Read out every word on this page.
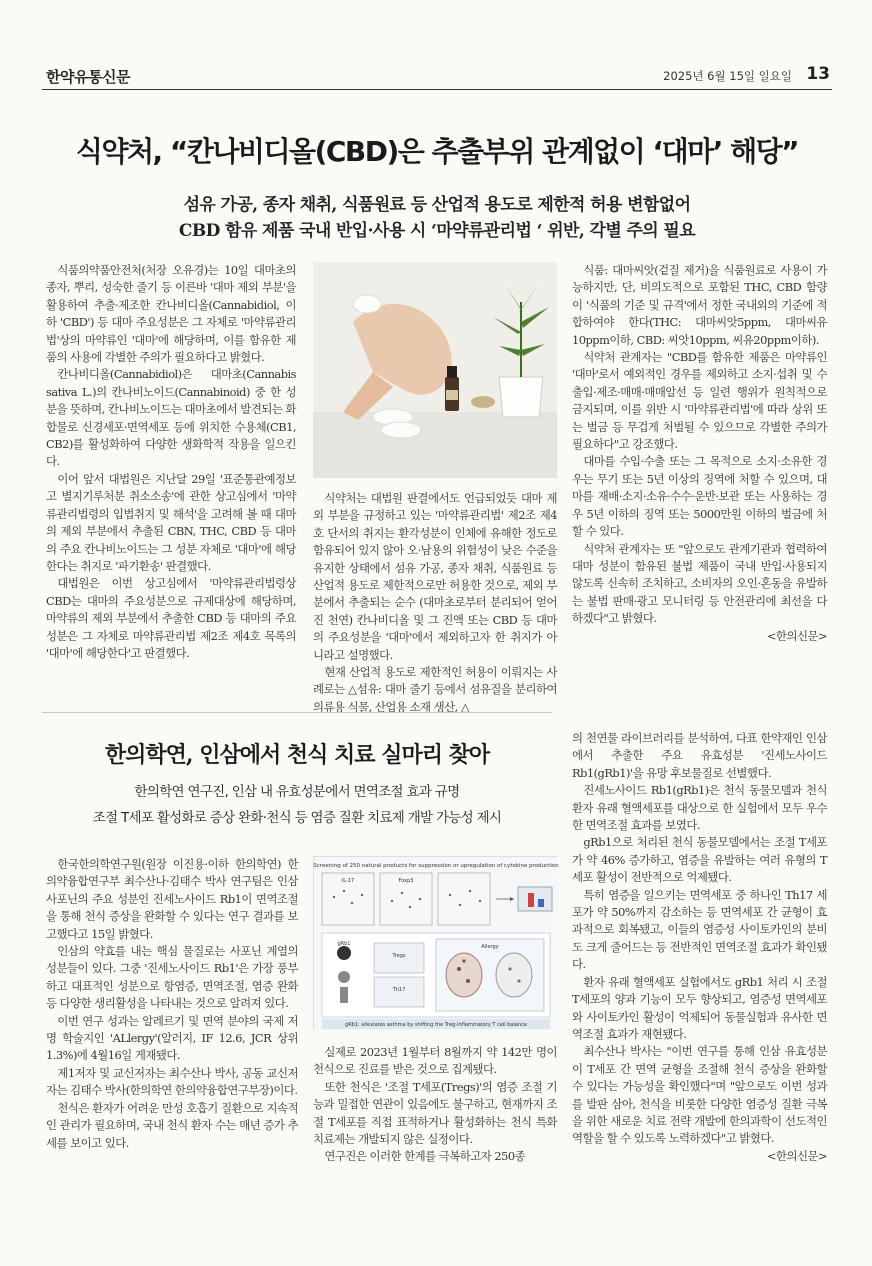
한약유통신문	2025년 6월 15일 일요일 13
식약처, “칸나비디올(CBD)은 추출부위 관계없이 ‘대마’ 해당”
섬유 가공, 종자 채취, 식품원료 등 산업적 용도로 제한적 허용 변함없어
CBD 함유 제품 국내 반입·사용 시 ‘마약류관리법 ‘ 위반, 각별 주의 필요

식품의약품안전처(처장 오유경)는 10일 대마초의 종자, 뿌리, 성숙한 줄기 등 이른바 '대마 제외 부분'을 활용하여 추출·제조한 칸나비디올(Cannabidiol, 이하 'CBD') 등 대마 주요성분은 그 자체로 '마약류관리법'상의 마약류인 '대마'에 해당하며, 이를 함유한 제품의 사용에 각별한 주의가 필요하다고 밝혔다.

칸나비디올(Cannabidiol)은 대마초(Cannabis sativa L.)의 칸나비노이드(Cannabinoid) 중 한 성분을 뜻하며, 칸나비노이드는 대마초에서 발견되는 화합물로 신경세포·면역세포 등에 위치한 수용체(CB1, CB2)를 활성화하여 다양한 생화학적 작용을 일으킨다.

이어 앞서 대법원은 지난달 29일 '표준통관예정보고 별지기루처분 취소소송'에 관한 상고심에서 '마약류관리법령의 입법취지 및 해석'을 고려해 볼 때 대마의 제외 부분에서 추출된 CBN, THC, CBD 등 대마의 주요 칸나비노이드는 그 성분 자체로 '대마'에 해당한다는 취지로 '파기환송' 판결했다.

대법원은 이번 상고심에서 '마약류관리법령상 CBD는 대마의 주요성분으로 규제대상에 해당하며, 마약류의 제외 부분에서 추출한 CBD 등 대마의 주요성분은 그 자체로 마약류관리법 제2조 제4호 목록의 '대마'에 해당한다'고 판결했다.

식약처는 대법원 판결에서도 언급되었듯 대마 제외 부분을 규정하고 있는 '마약류관리법' 제2조 제4호 단서의 취지는 환각성분이 인체에 유해한 정도로 함유되어 있지 않아 오·남용의 위험성이 낮은 수준을 유지한 상태에서 섬유 가공, 종자 채취, 식품원료 등 산업적 용도로 제한적으로만 허용한 것으로, 제외 부분에서 추출되는 순수 (대마초로부터 분리되어 얻어진 천연) 칸나비디올 및 그 진액 또는 CBD 등 대마의 주요성분을 '대마'에서 제외하고자 한 취지가 아니라고 설명했다.

현재 산업적 용도로 제한적인 허용이 이뤄지는 사례로는 △섬유: 대마 줄기 등에서 섬유질을 분리하여 의류용 식물, 산업용 소재 생산, △

식품: 대마씨앗(겉질 제거)을 식품원료로 사용이 가능하지만, 단, 비의도적으로 포함된 THC, CBD 함량이 '식품의 기준 및 규격'에서 정한 국내외의 기준에 적합하여야 한다(THC: 대마씨앗5ppm, 대마씨유10ppm이하, CBD: 씨앗10ppm, 씨유20ppm이하).

식약처 관계자는 "CBD를 함유한 제품은 마약류인 '대마'로서 예외적인 경우를 제외하고 소지·섭취 및 수출입·제조·매매·매매알선 등 일련 행위가 원칙적으로 금지되며, 이를 위반 시 '마약류관리법'에 따라 상위 또는 벌금 등 무겁게 처벌될 수 있으므로 각별한 주의가 필요하다"고 강조했다.

대마를 수입·수출 또는 그 목적으로 소지·소유한 경우는 무기 또는 5년 이상의 징역에 처할 수 있으며, 대마를 재배·소지·소유·수수·운반·보관 또는 사용하는 경우 5년 이하의 징역 또는 5000만원 이하의 벌금에 처할 수 있다.

식약처 관계자는 또 "앞으로도 관계기관과 협력하여 대마 성분이 함유된 불법 제품이 국내 반입·사용되지 않도록 신속히 조치하고, 소비자의 오인·혼동을 유발하는 불법 판매·광고 모니터링 등 안전관리에 최선을 다하겠다"고 밝혔다.

<한의신문>

한의학연, 인삼에서 천식 치료 실마리 찾아
한의학연 연구진, 인삼 내 유효성분에서 면역조절 효과 규명
조절 T세포 활성화로 증상 완화·천식 등 염증 질환 치료제 개발 가능성 제시

한국한의학연구원(원장 이진용·이하 한의학연) 한의약융합연구부 최수산나·김태수 박사 연구팀은 인삼 사포닌의 주요 성분인 진세노사이드 Rb1이 면역조절을 통해 천식 증상을 완화할 수 있다는 연구 결과를 보고했다고 15일 밝혔다.

인삼의 약효를 내는 핵심 물질로는 사포닌 계열의 성분들이 있다. 그중 '진세노사이드 Rb1'은 가장 풍부하고 대표적인 성분으로 항염증, 면역조절, 염증 완화 등 다양한 생리활성을 나타내는 것으로 알려져 있다.

이번 연구 성과는 알레르기 및 면역 분야의 국제 저명 학술지인 'ALlergy'(알러지, IF 12.6, JCR 상위 1.3%)에 4월16일 게재됐다.

제1저자 및 교신저자는 최수산나 박사, 공동 교신저자는 김태수 박사(한의학연 한의약융합연구부장)이다.

천식은 환자가 어려운 만성 호흡기 질환으로 지속적인 관리가 필요하며, 국내 천식 환자 수는 매년 증가 추세를 보이고 있다.

Screening of 250 natural products for suppression or upregulation of cytokine production
IL-17	Foxp3
gRb1
Tregs
Th17
Allergy
gRb1: alleviates asthma by shifting the Treg-Inflammatory T cell balance

실제로 2023년 1월부터 8월까지 약 142만 명이 천식으로 진료를 받은 것으로 집계됐다.

또한 천식은 '조절 T세포(Tregs)'의 염증 조절 기능과 밀접한 연관이 있음에도 불구하고, 현재까지 조절 T세포를 직접 표적하거나 활성화하는 천식 특화 치료제는 개발되지 않은 실정이다.

연구진은 이러한 한계를 극복하고자 250종

의 천연물 라이브러리를 분석하여, 다표 한약재인 인삼에서 추출한 주요 유효성분 '진세노사이드 Rb1(gRb1)'을 유망 후보물질로 선별했다.

진세노사이드 Rb1(gRb1)은 천식 동물모델과 천식 환자 유래 혈액세포를 대상으로 한 실험에서 모두 우수한 면역조절 효과를 보였다.

gRb1으로 처리된 천식 동물모델에서는 조절 T세포가 약 46% 증가하고, 염증을 유발하는 여러 유형의 T세포 활성이 전반적으로 억제됐다.

특히 염증을 일으키는 면역세포 중 하나인 Th17 세포가 약 50%까지 감소하는 등 면역세포 간 균형이 효과적으로 회복됐고, 이들의 염증성 사이토카인의 분비도 크게 줄어드는 등 전반적인 면역조절 효과가 확인됐다.

환자 유래 혈액세포 실험에서도 gRb1 처리 시 조절 T세포의 양과 기능이 모두 향상되고, 염증성 면역세포와 사이토카인 활성이 억제되어 동물실험과 유사한 면역조절 효과가 재현됐다.

최수산나 박사는 "이번 연구를 통해 인삼 유효성분이 T세포 간 면역 균형을 조절해 천식 증상을 완화할 수 있다는 가능성을 확인했다"며 "앞으로도 이번 성과를 발판 삼아, 천식을 비롯한 다양한 염증성 질환 극복을 위한 새로운 치료 전략 개발에 한의과학이 선도적인 역할을 할 수 있도록 노력하겠다"고 밝혔다.

<한의신문>
